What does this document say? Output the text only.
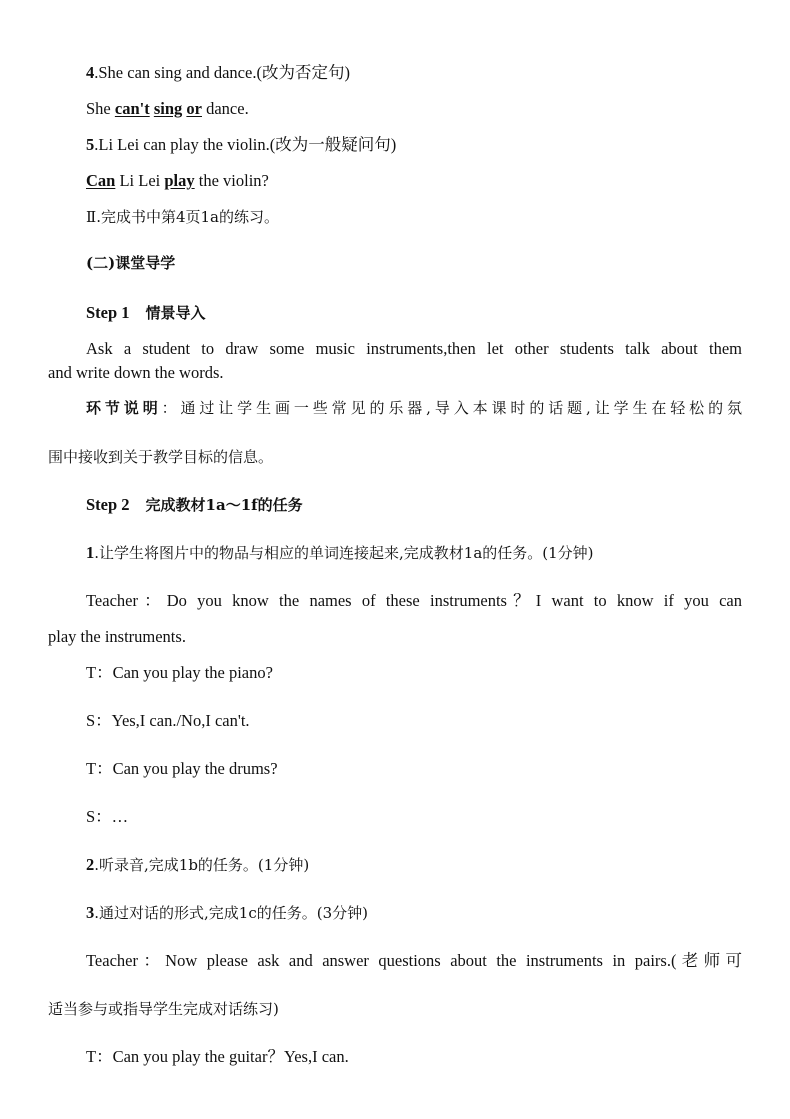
4.She can sing and dance.(改为否定句)
She can't sing or dance.
5.Li Lei can play the violin.(改为一般疑问句)
Can Li Lei play the violin?
Ⅱ.完成书中第4页1a的练习。
(二)课堂导学
Step 1 情景导入
Ask a student to draw some music instruments,then let other students talk about them
and write down the words.
环节说明：通过让学生画一些常见的乐器,导入本课时的话题,让学生在轻松的氛
围中接收到关于教学目标的信息。
Step 2 完成教材1a～1f的任务
1.让学生将图片中的物品与相应的单词连接起来,完成教材1a的任务。(1分钟)
Teacher：Do you know the names of these instruments？I want to know if you can
play the instruments.
T：Can you play the piano?
S：Yes,I can./No,I can't.
T：Can you play the drums?
S：…
2.听录音,完成1b的任务。(1分钟)
3.通过对话的形式,完成1c的任务。(3分钟)
Teacher：Now please ask and answer questions about the instruments in pairs.(老师可
适当参与或指导学生完成对话练习)
T：Can you play the guitar？Yes,I can.
